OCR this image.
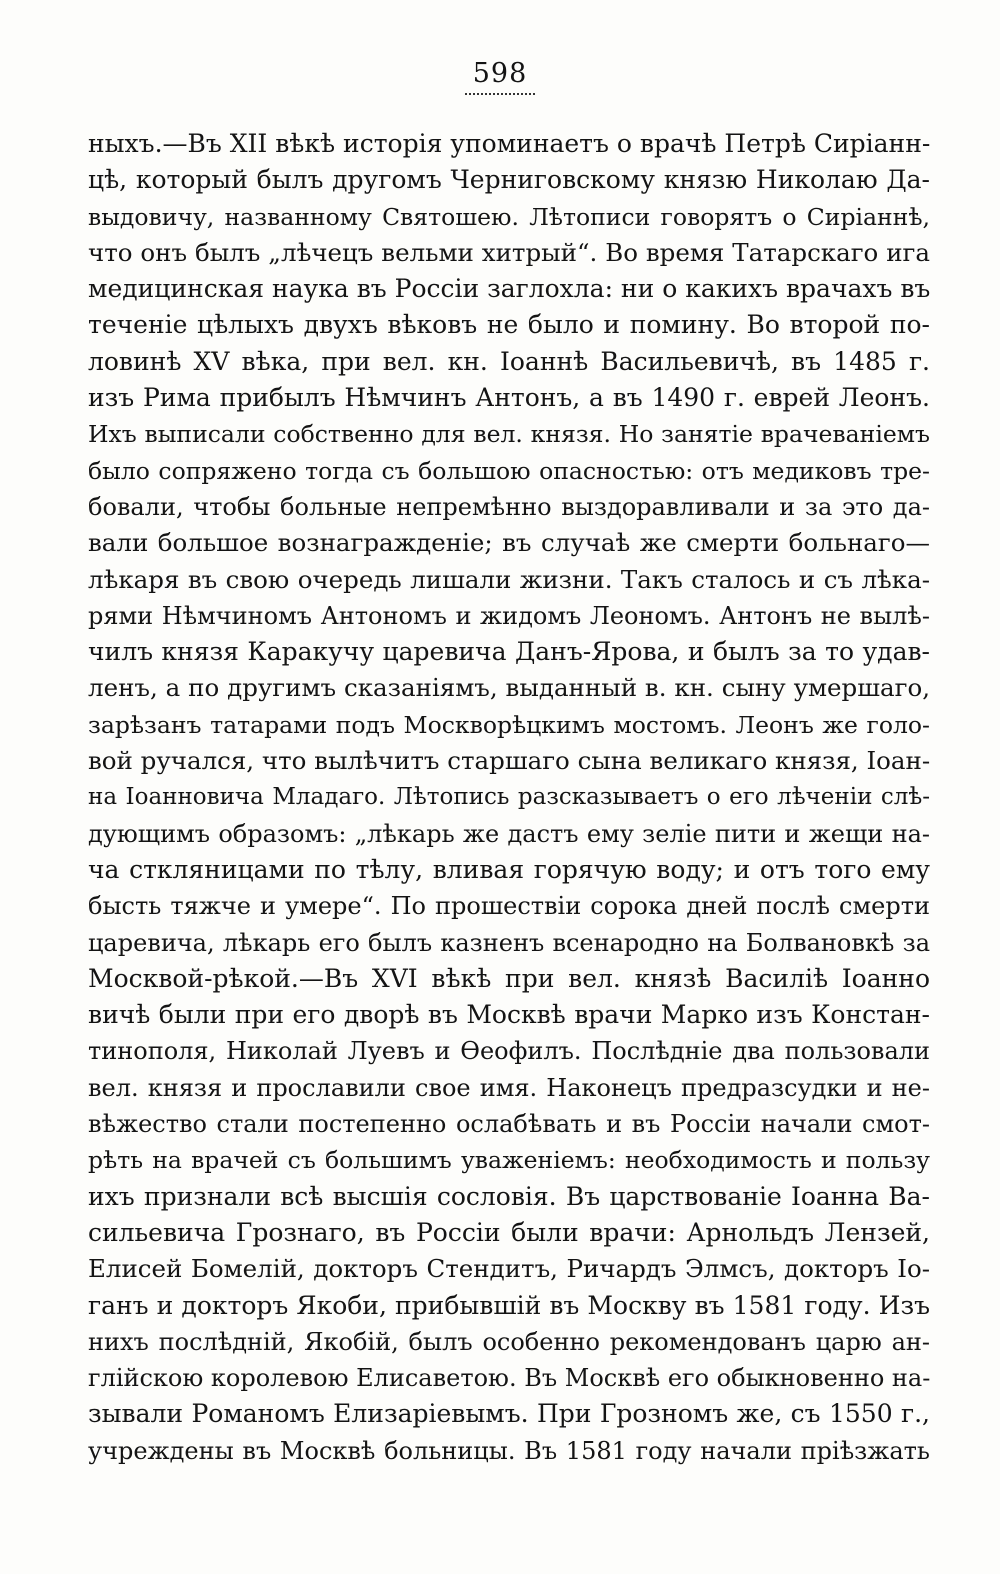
598
ныхъ.—Въ XII вѣкѣ исторія упоминаетъ о врачѣ Петрѣ Сиріанн-
цѣ, который былъ другомъ Черниговскому князю Николаю Да-
выдовичу, названному Святошею. Лѣтописи говорятъ о Сиріаннѣ,
что онъ былъ „лѣчецъ вельми хитрый“. Во время Татарскаго ига
медицинская наука въ Россіи заглохла: ни о какихъ врачахъ въ
теченіе цѣлыхъ двухъ вѣковъ не было и помину. Во второй по-
ловинѣ XV вѣка, при вел. кн. Іоаннѣ Васильевичѣ, въ 1485 г.
изъ Рима прибылъ Нѣмчинъ Антонъ, а въ 1490 г. еврей Леонъ.
Ихъ выписали собственно для вел. князя. Но занятіе врачеваніемъ
было сопряжено тогда съ большою опасностью: отъ медиковъ тре-
бовали, чтобы больные непремѣнно выздоравливали и за это да-
вали большое вознагражденіе; въ случаѣ же смерти больнаго—
лѣкаря въ свою очередь лишали жизни. Такъ сталось и съ лѣка-
рями Нѣмчиномъ Антономъ и жидомъ Леономъ. Антонъ не вылѣ-
чилъ князя Каракучу царевича Данъ-Ярова, и былъ за то удав-
ленъ, а по другимъ сказаніямъ, выданный в. кн. сыну умершаго,
зарѣзанъ татарами подъ Москворѣцкимъ мостомъ. Леонъ же голо-
вой ручался, что вылѣчитъ старшаго сына великаго князя, Іоан-
на Іоанновича Младаго. Лѣтопись разсказываетъ о его лѣченіи слѣ-
дующимъ образомъ: „лѣкарь же дастъ ему зеліе пити и жещи на-
ча сткляницами по тѣлу, вливая горячую воду; и отъ того ему
бысть тяжче и умере“. По прошествіи сорока дней послѣ смерти
царевича, лѣкарь его былъ казненъ всенародно на Болвановкѣ за
Москвой-рѣкой.—Въ XVI вѣкѣ при вел. князѣ Василіѣ Іоанно
вичѣ были при его дворѣ въ Москвѣ врачи Марко изъ Констан-
тинополя, Николай Луевъ и Ѳеофилъ. Послѣдніе два пользовали
вел. князя и прославили свое имя. Наконецъ предразсудки и не-
вѣжество стали постепенно ослабѣвать и въ Россіи начали смот-
рѣть на врачей съ большимъ уваженіемъ: необходимость и пользу
ихъ признали всѣ высшія сословія. Въ царствованіе Іоанна Ва-
сильевича Грознаго, въ Россіи были врачи: Арнольдъ Лензей,
Елисей Бомелій, докторъ Стендитъ, Ричардъ Элмсъ, докторъ Іо-
ганъ и докторъ Якоби, прибывшій въ Москву въ 1581 году. Изъ
нихъ послѣдній, Якобій, былъ особенно рекомендованъ царю ан-
глійскою королевою Елисаветою. Въ Москвѣ его обыкновенно на-
зывали Романомъ Елизаріевымъ. При Грозномъ же, съ 1550 г.,
учреждены въ Москвѣ больницы. Въ 1581 году начали пріѣзжать
